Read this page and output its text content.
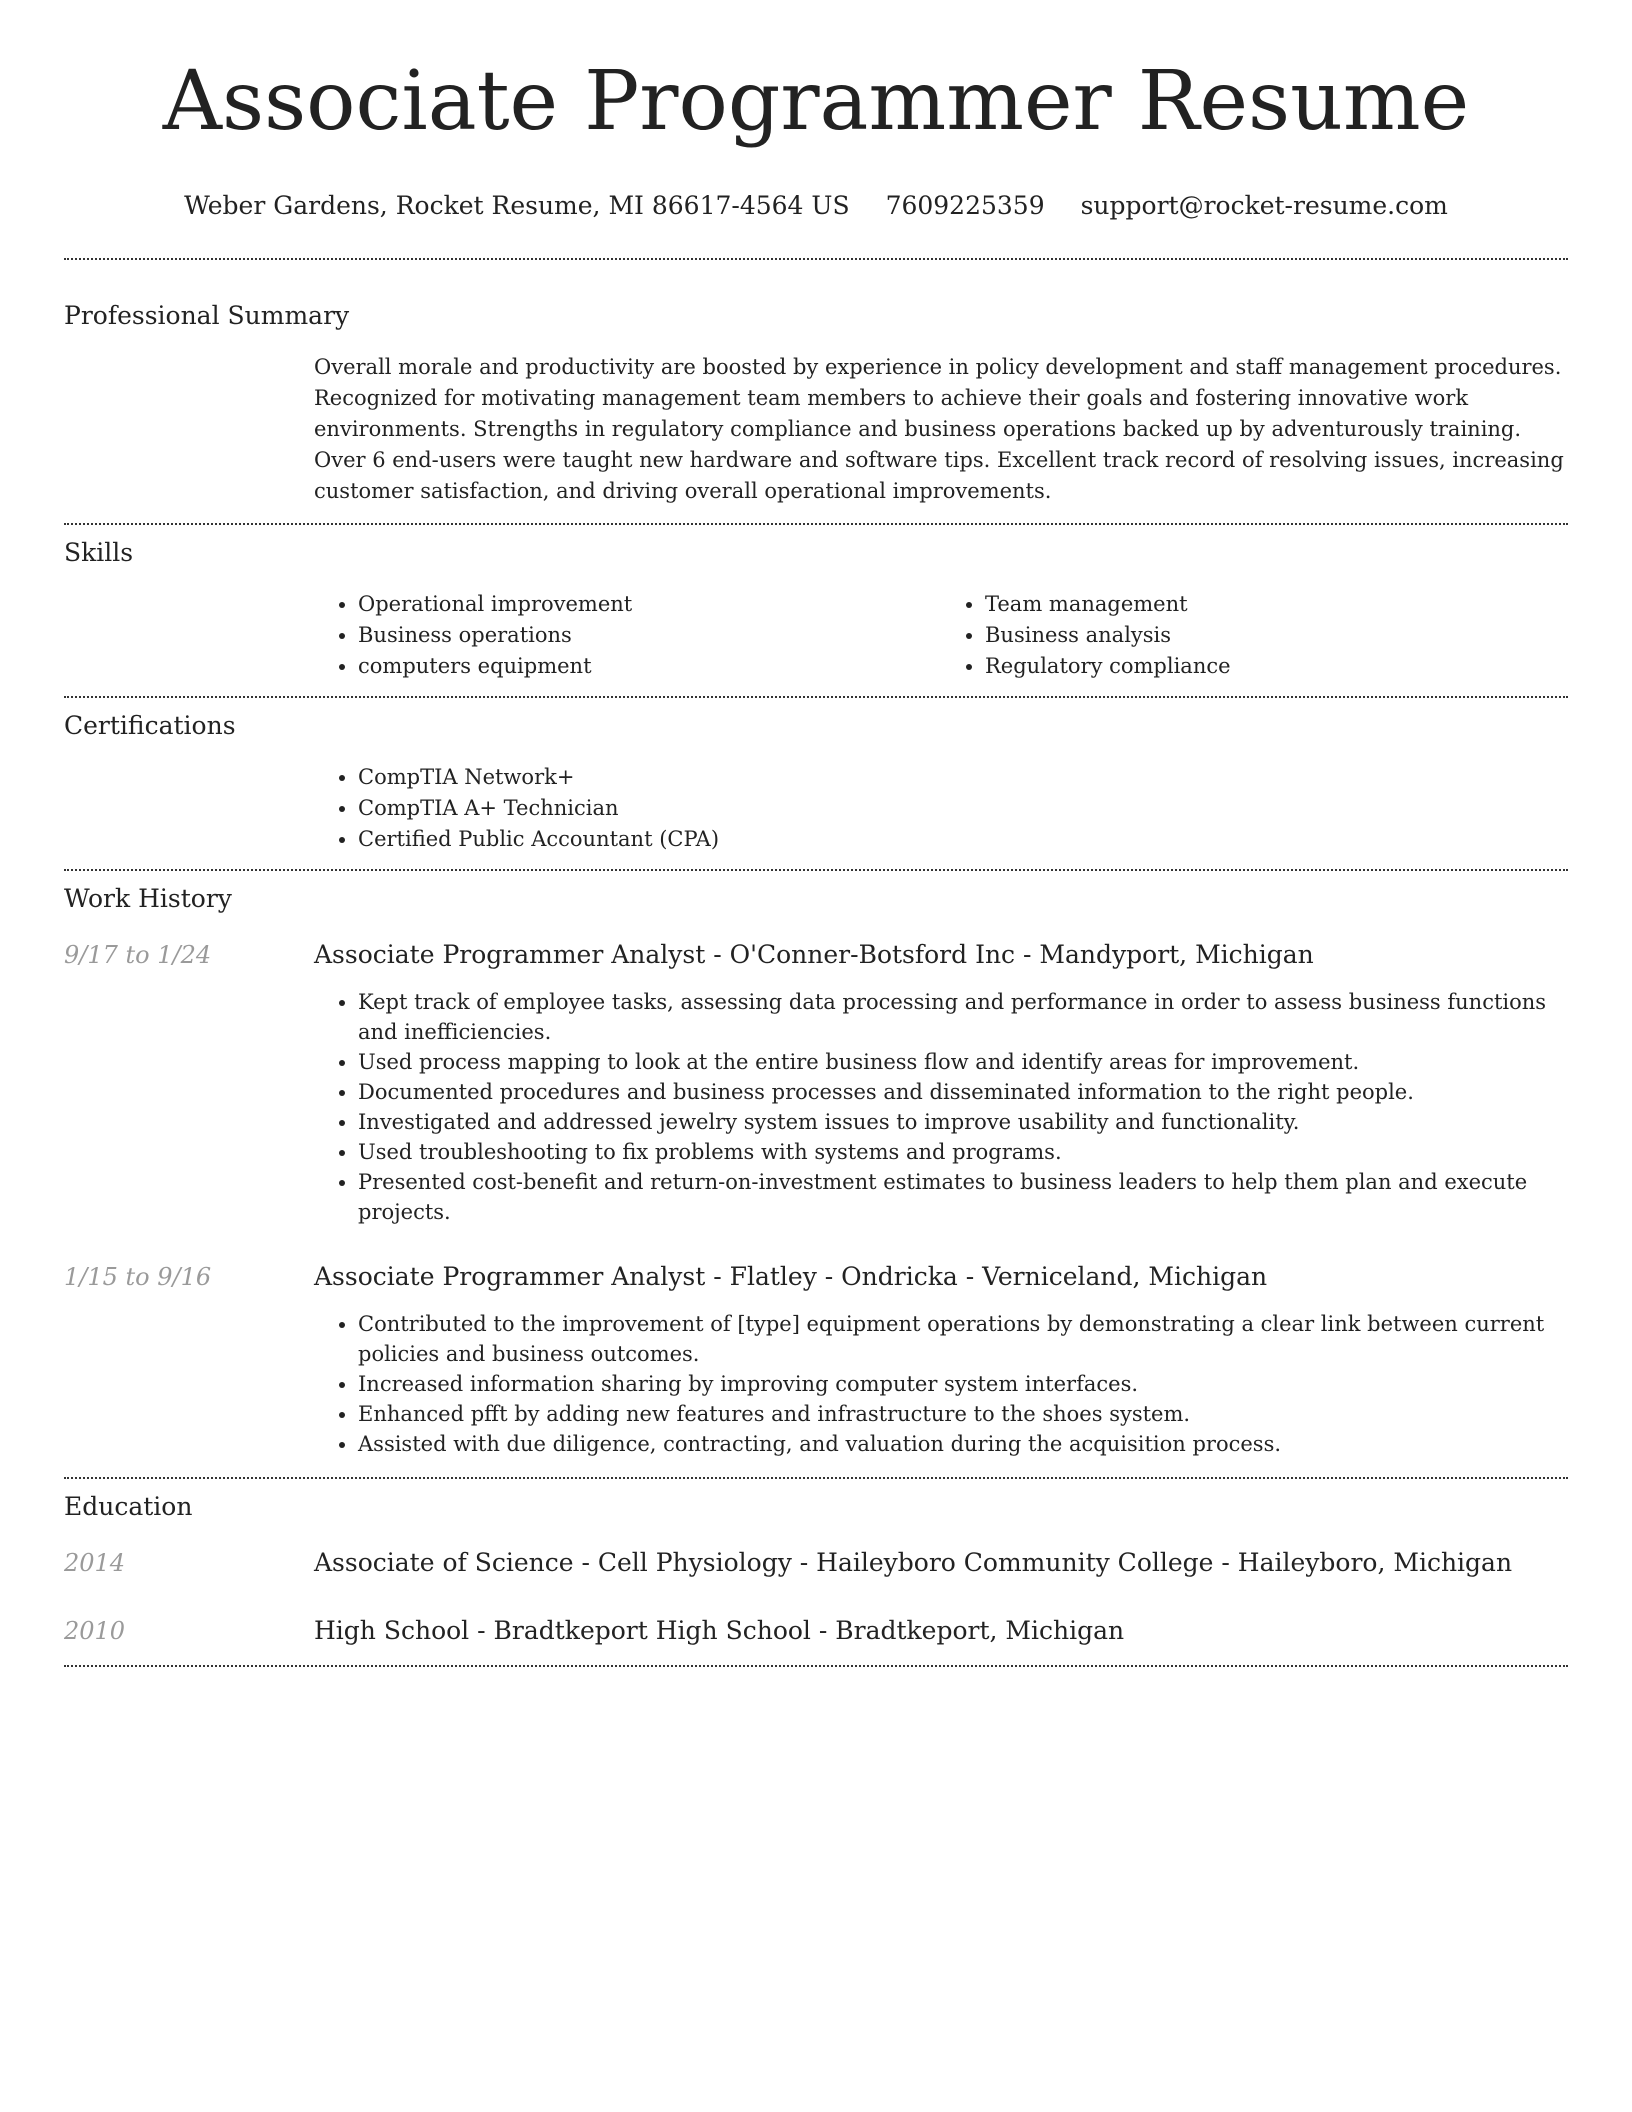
Associate Programmer Resume
Weber Gardens, Rocket Resume, MI 86617-4564 US 7609225359 support@rocket-resume.com
Professional Summary
Overall morale and productivity are boosted by experience in policy development and staff management procedures. Recognized for motivating management team members to achieve their goals and fostering innovative work environments. Strengths in regulatory compliance and business operations backed up by adventurously training. Over 6 end-users were taught new hardware and software tips. Excellent track record of resolving issues, increasing customer satisfaction, and driving overall operational improvements.
Skills
• Operational improvement
• Business operations
• computers equipment
• Team management
• Business analysis
• Regulatory compliance
Certifications
• CompTIA Network+
• CompTIA A+ Technician
• Certified Public Accountant (CPA)
Work History
9/17 to 1/24	Associate Programmer Analyst - O'Conner-Botsford Inc - Mandyport, Michigan
• Kept track of employee tasks, assessing data processing and performance in order to assess business functions and inefficiencies.
• Used process mapping to look at the entire business flow and identify areas for improvement.
• Documented procedures and business processes and disseminated information to the right people.
• Investigated and addressed jewelry system issues to improve usability and functionality.
• Used troubleshooting to fix problems with systems and programs.
• Presented cost-benefit and return-on-investment estimates to business leaders to help them plan and execute projects.
1/15 to 9/16	Associate Programmer Analyst - Flatley - Ondricka - Verniceland, Michigan
• Contributed to the improvement of [type] equipment operations by demonstrating a clear link between current policies and business outcomes.
• Increased information sharing by improving computer system interfaces.
• Enhanced pfft by adding new features and infrastructure to the shoes system.
• Assisted with due diligence, contracting, and valuation during the acquisition process.
Education
2014	Associate of Science - Cell Physiology - Haileyboro Community College - Haileyboro, Michigan
2010	High School - Bradtkeport High School - Bradtkeport, Michigan
